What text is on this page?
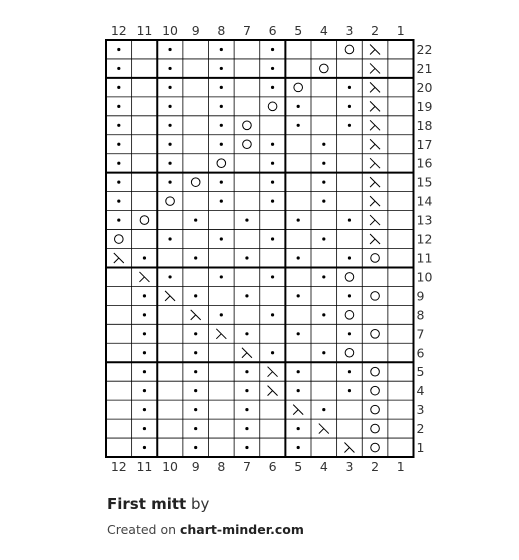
12
12
11
11
10
10
9
9
8
8
7
7
6
6
5
5
4
4
3
3
2
2
1
1
1
2
3
4
5
6
7
8
9
10
11
12
13
14
15
16
17
18
19
20
21
22
First mitt by
Created on chart-minder.com
